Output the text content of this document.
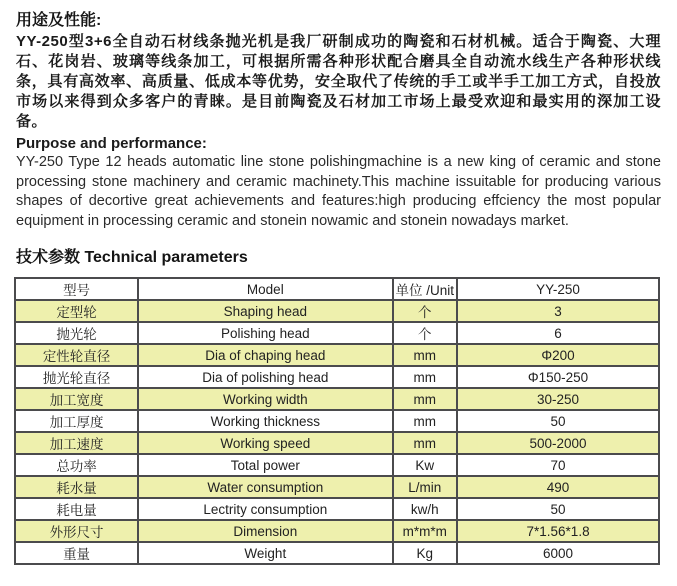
用途及性能:

YY-250型3+6全自动石材线条抛光机是我厂研制成功的陶瓷和石材机械。适合于陶瓷、大理石、花岗岩、玻璃等线条加工，可根据所需各种形状配合磨具全自动流水线生产各种形状线条，具有高效率、高质量、低成本等优势，安全取代了传统的手工或半手工加工方式，自投放市场以来得到众多客户的青睐。是目前陶瓷及石材加工市场上最受欢迎和最实用的深加工设备。

Purpose and performance:

YY-250 Type 12 heads automatic line stone polishingmachine is a new king of ceramic and stone processing stone machinery and ceramic machinety.This machine issuitable for producing various shapes of decortive great achievements and features:high producing effciency the most popular equipment in processing ceramic and stonein nowamic and stonein nowadays market.

技术参数 Technical parameters
型号	Model	单位 /Unit	YY-250
定型轮	Shaping head	个	3
抛光轮	Polishing head	个	6
定性轮直径	Dia of chaping head	mm	Φ200
抛光轮直径	Dia of polishing head	mm	Φ150-250
加工宽度	Working width	mm	30-250
加工厚度	Working thickness	mm	50
加工速度	Working speed	mm	500-2000
总功率	Total power	Kw	70
耗水量	Water consumption	L/min	490
耗电量	Lectrity consumption	kw/h	50
外形尺寸	Dimension	m*m*m	7*1.56*1.8
重量	Weight	Kg	6000
